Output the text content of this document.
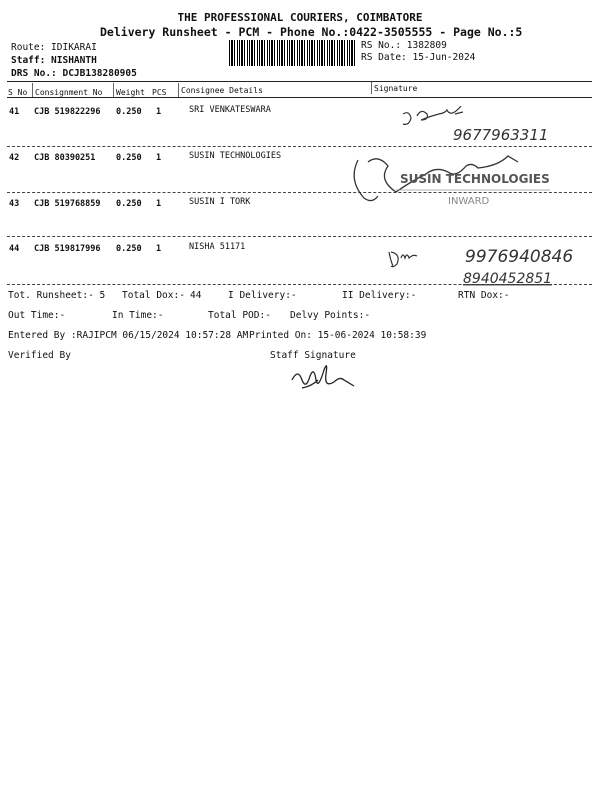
THE PROFESSIONAL COURIERS, COIMBATORE
Delivery Runsheet - PCM - Phone No.:0422-3505555 - Page No.:5
Route: IDIKARAI
Staff: NISHANTH
DRS No.: DCJB138280905
RS No.: 1382809
RS Date: 15-Jun-2024
S No Consignment No Weight PCS Consignee Details	Signature
41 CJB 519822296 0.250 1	SRI VENKATESWARA
9677963311
42 CJB 80390251 0.250 1	SUSIN TECHNOLOGIES
SUSIN TECHNOLOGIES
INWARD
43 CJB 519768859 0.250 1	SUSIN I TORK
44 CJB 519817996 0.250 1	NISHA 51171	9976940846
8940452851
Tot. Runsheet:- 5 Total Dox:- 44	I Delivery:-	II Delivery:-	RTN Dox:-
Out Time:-	In Time:-	Total POD:- Delvy Points:-
Entered By :RAJIPCM 06/15/2024 10:57:28 AM Printed On: 15-06-2024 10:58:39
Verified By	Staff Signature
